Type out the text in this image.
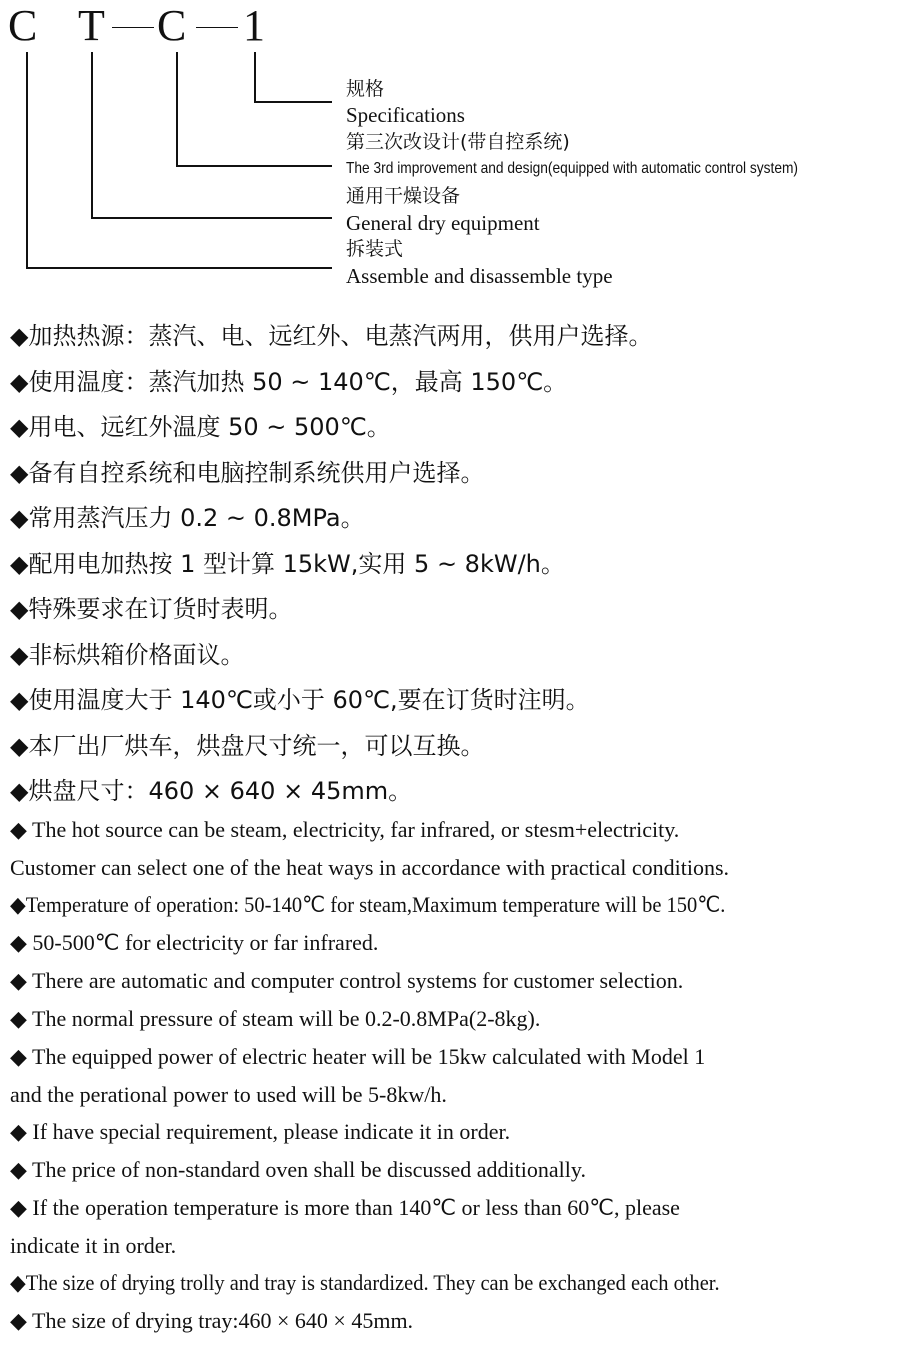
C T C 1
规格
Specifications
第三次改设计(带自控系统)
The 3rd improvement and design(equipped with automatic control system)
通用干燥设备
General dry equipment
拆装式
Assemble and disassemble type
◆加热热源：蒸汽、电、远红外、电蒸汽两用，供用户选择。
◆使用温度：蒸汽加热 50 ~ 140℃，最高 150℃。
◆用电、远红外温度 50 ~ 500℃。
◆备有自控系统和电脑控制系统供用户选择。
◆常用蒸汽压力 0.2 ~ 0.8MPa。
◆配用电加热按 1 型计算 15kW,实用 5 ~ 8kW/h。
◆特殊要求在订货时表明。
◆非标烘箱价格面议。
◆使用温度大于 140℃或小于 60℃,要在订货时注明。
◆本厂出厂烘车，烘盘尺寸统一，可以互换。
◆烘盘尺寸：460 × 640 × 45mm。
◆ The hot source can be steam, electricity, far infrared, or stesm+electricity.
Customer can select one of the heat ways in accordance with practical conditions.
◆Temperature of operation: 50-140℃ for steam,Maximum temperature will be 150℃.
◆ 50-500℃ for electricity or far infrared.
◆ There are automatic and computer control systems for customer selection.
◆ The normal pressure of steam will be 0.2-0.8MPa(2-8kg).
◆ The equipped power of electric heater will be 15kw calculated with Model 1
and the perational power to used will be 5-8kw/h.
◆ If have special requirement, please indicate it in order.
◆ The price of non-standard oven shall be discussed additionally.
◆ If the operation temperature is more than 140℃ or less than 60℃, please
indicate it in order.
◆The size of drying trolly and tray is standardized. They can be exchanged each other.
◆ The size of drying tray:460 × 640 × 45mm.
